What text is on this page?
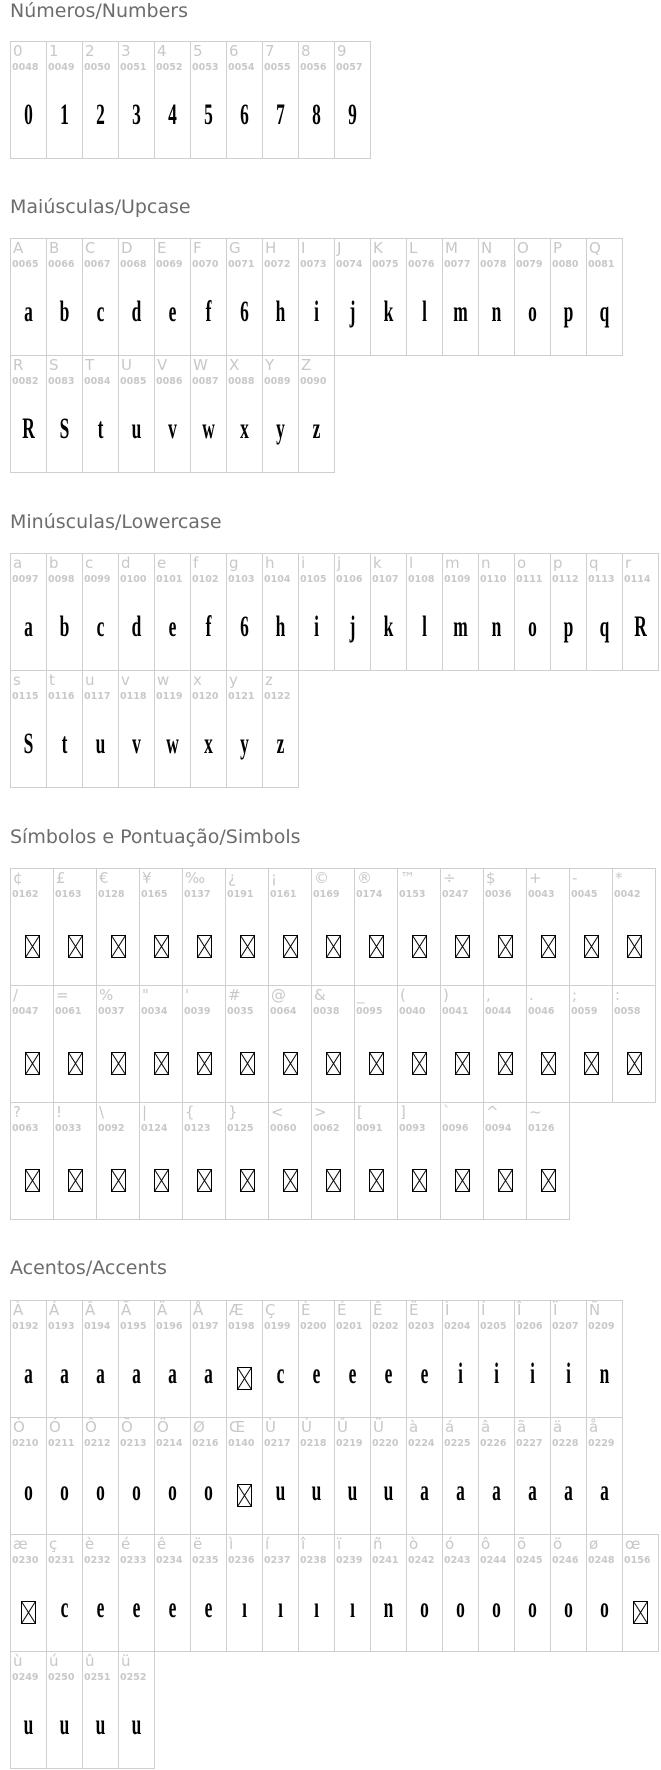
Números/Numbers
0
0048
0
1
0049
1
2
0050
2
3
0051
3
4
0052
4
5
0053
5
6
0054
6
7
0055
7
8
0056
8
9
0057
9
Maiúsculas/Upcase
A
0065
a
B
0066
b
C
0067
c
D
0068
d
E
0069
e
F
0070
f
G
0071
6
H
0072
h
I
0073
i
J
0074
j
K
0075
k
L
0076
l
M
0077
m
N
0078
n
O
0079
o
P
0080
p
Q
0081
q
R
0082
R
S
0083
S
T
0084
t
U
0085
u
V
0086
v
W
0087
w
X
0088
x
Y
0089
y
Z
0090
z
Minúsculas/Lowercase
a
0097
a
b
0098
b
c
0099
c
d
0100
d
e
0101
e
f
0102
f
g
0103
6
h
0104
h
i
0105
i
j
0106
j
k
0107
k
l
0108
l
m
0109
m
n
0110
n
o
0111
o
p
0112
p
q
0113
q
r
0114
R
s
0115
S
t
0116
t
u
0117
u
v
0118
v
w
0119
w
x
0120
x
y
0121
y
z
0122
z
Símbolos e Pontuação/Simbols
¢
0162
£
0163
€
0128
¥
0165
‰
0137
¿
0191
¡
0161
©
0169
®
0174
™
0153
÷
0247
$
0036
+
0043
-
0045
*
0042
/
0047
=
0061
%
0037
"
0034
'
0039
#
0035
@
0064
&
0038
_
0095
(
0040
)
0041
,
0044
.
0046
;
0059
:
0058
?
0063
!
0033
\
0092
|
0124
{
0123
}
0125
<
0060
>
0062
[
0091
]
0093
`
0096
^
0094
~
0126
Acentos/Accents
À
0192
a
Á
0193
a
Â
0194
a
Ã
0195
a
Ä
0196
a
Å
0197
a
Æ
0198
Ç
0199
c
È
0200
e
É
0201
e
Ê
0202
e
Ë
0203
e
Ì
0204
i
Í
0205
i
Î
0206
i
Ï
0207
i
Ñ
0209
n
Ò
0210
o
Ó
0211
o
Ô
0212
o
Õ
0213
o
Ö
0214
o
Ø
0216
o
Œ
0140
Ù
0217
u
Ú
0218
u
Û
0219
u
Ü
0220
u
à
0224
a
á
0225
a
â
0226
a
ã
0227
a
ä
0228
a
å
0229
a
æ
0230
ç
0231
c
è
0232
e
é
0233
e
ê
0234
e
ë
0235
e
ì
0236
ı
í
0237
ı
î
0238
ı
ï
0239
ı
ñ
0241
n
ò
0242
o
ó
0243
o
ô
0244
o
õ
0245
o
ö
0246
o
ø
0248
o
œ
0156
ù
0249
u
ú
0250
u
û
0251
u
ü
0252
u
